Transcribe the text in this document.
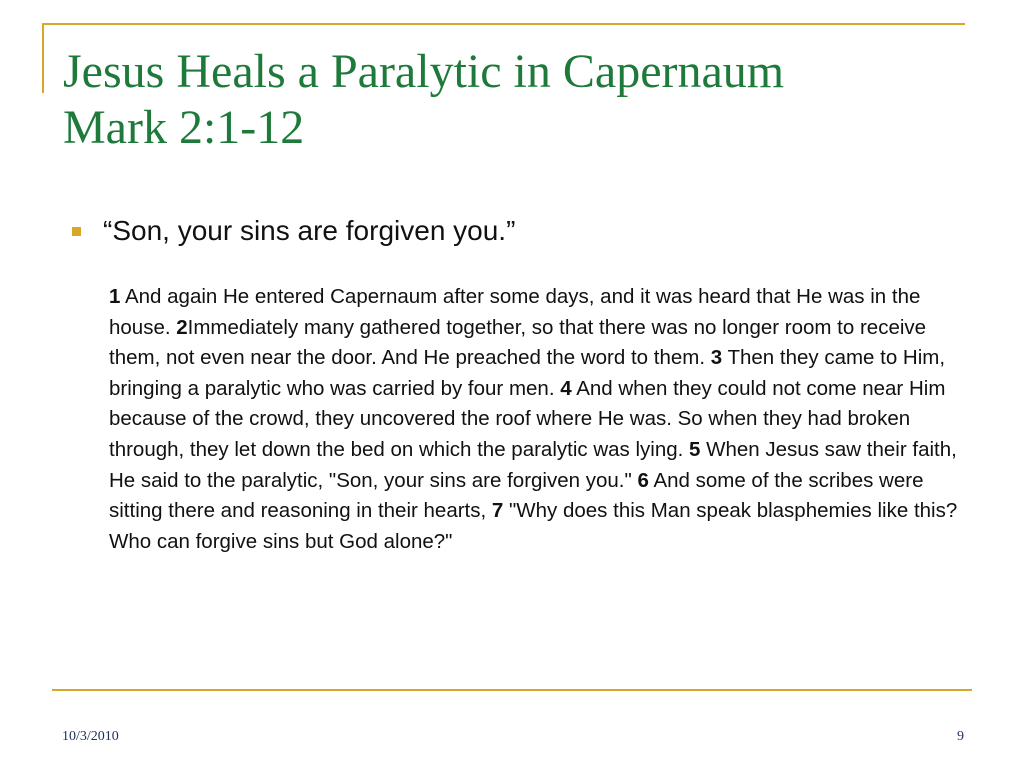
Jesus Heals a Paralytic in Capernaum
Mark 2:1-12
“Son, your sins are forgiven you.”

1 And again He entered Capernaum after some days, and it was heard that He was in the house. 2Immediately many gathered together, so that there was no longer room to receive them, not even near the door. And He preached the word to them. 3 Then they came to Him, bringing a paralytic who was carried by four men. 4 And when they could not come near Him because of the crowd, they uncovered the roof where He was. So when they had broken through, they let down the bed on which the paralytic was lying. 5 When Jesus saw their faith, He said to the paralytic, "Son, your sins are forgiven you." 6 And some of the scribes were sitting there and reasoning in their hearts, 7 "Why does this Man speak blasphemies like this? Who can forgive sins but God alone?"

10/3/2010	9
